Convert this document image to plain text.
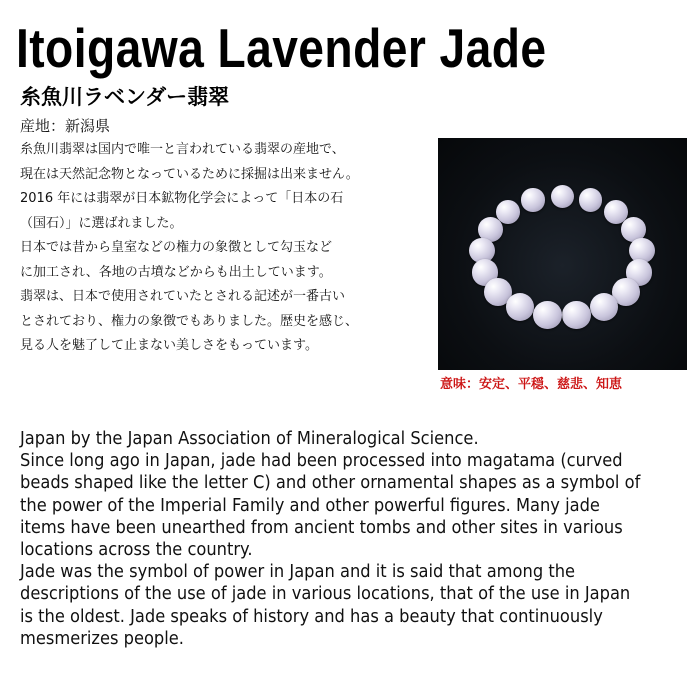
Itoigawa Lavender Jade
糸魚川ラベンダー翡翠
産地：新潟県
糸魚川翡翠は国内で唯一と言われている翡翠の産地で、
現在は天然記念物となっているために採掘は出来ません。
2016 年には翡翠が日本鉱物化学会によって「日本の石
（国石）」に選ばれました。
日本では昔から皇室などの権力の象徴として勾玉など
に加工され、各地の古墳などからも出土しています。
翡翠は、日本で使用されていたとされる記述が一番古い
とされており、権力の象徴でもありました。歴史を感じ、
見る人を魅了して止まない美しさをもっています。
意味：安定、平穏、慈悲、知恵
Japan by the Japan Association of Mineralogical Science.
Since long ago in Japan, jade had been processed into magatama (curved
beads shaped like the letter C) and other ornamental shapes as a symbol of
the power of the Imperial Family and other powerful figures. Many jade
items have been unearthed from ancient tombs and other sites in various
locations across the country.
Jade was the symbol of power in Japan and it is said that among the
descriptions of the use of jade in various locations, that of the use in Japan
is the oldest. Jade speaks of history and has a beauty that continuously
mesmerizes people.
